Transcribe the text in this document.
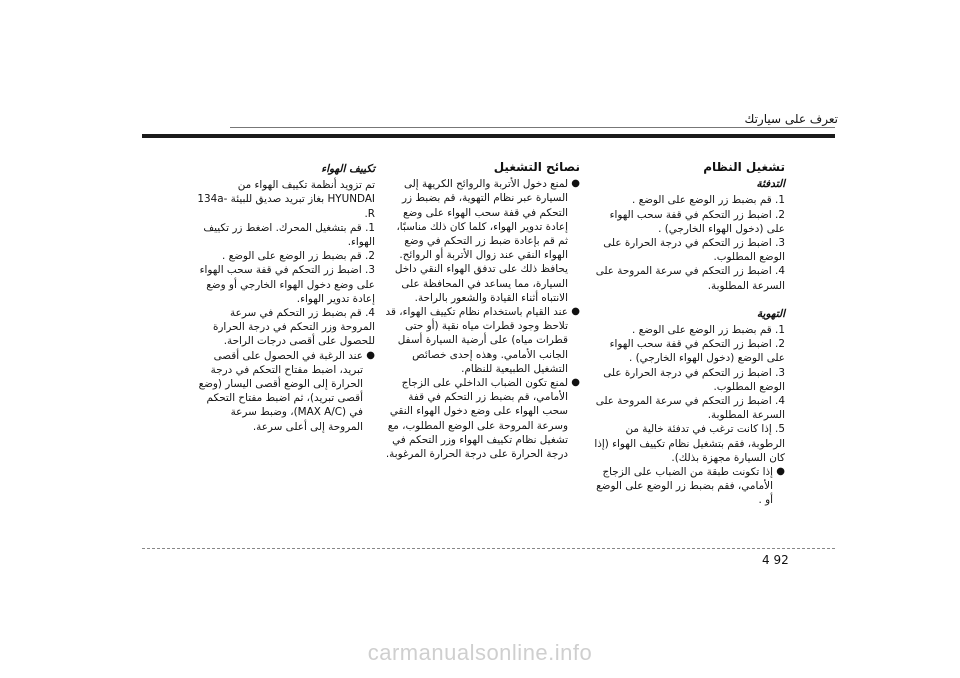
تعرف على سيارتك
تشغيل النظام
التدفئة

1. قم بضبط زر الوضع على الوضع .

2. اضبط زر التحكم في قفة سحب الهواء على (دخول الهواء الخارجي) .

3. اضبط زر التحكم في درجة الحرارة على الوضع المطلوب.

4. اضبط زر التحكم في سرعة المروحة على السرعة المطلوبة.

التهوية

1. قم بضبط زر الوضع على الوضع .

2. اضبط زر التحكم في قفة سحب الهواء على الوضع (دخول الهواء الخارجي) .

3. اضبط زر التحكم في درجة الحرارة على الوضع المطلوب.

4. اضبط زر التحكم في سرعة المروحة على السرعة المطلوبة.

5. إذا كانت ترغب في تدفئة خالية من الرطوبة، فقم بتشغيل نظام تكييف الهواء (إذا كان السيارة مجهزة بذلك).

●
إذا تكونت طبقة من الضباب على الزجاج الأمامي، فقم بضبط زر الوضع على الوضع أو .

نصائح التشغيل

●
لمنع دخول الأتربة والروائح الكريهة إلى السيارة عبر نظام التهوية، قم بضبط زر التحكم في قفة سحب الهواء على وضع إعادة تدوير الهواء، كلما كان ذلك مناسبًا، ثم قم بإعادة ضبط زر التحكم في وضع الهواء النقي عند زوال الأتربة أو الروائح. يحافظ ذلك على تدفق الهواء النقي داخل السيارة، مما يساعد في المحافظة على الانتباه أثناء القيادة والشعور بالراحة.

●
عند القيام باستخدام نظام تكييف الهواء، قد تلاحظ وجود قطرات مياه نقية (أو حتى قطرات مياه) على أرضية السيارة أسفل الجانب الأمامي. وهذه إحدى خصائص التشغيل الطبيعية للنظام.

●
لمنع تكون الضباب الداخلي على الزجاج الأمامي، قم بضبط زر التحكم في قفة سحب الهواء على وضع دخول الهواء النقي وسرعة المروحة على الوضع المطلوب، مع تشغيل نظام تكييف الهواء وزر التحكم في درجة الحرارة على درجة الحرارة المرغوبة.

تكييف الهواء

تم تزويد أنظمة تكييف الهواء من HYUNDAI بغاز تبريد صديق للبيئة 134a-R.

1. قم بتشغيل المحرك. اضغط زر تكييف الهواء.

2. قم بضبط زر الوضع على الوضع .

3. اضبط زر التحكم في قفة سحب الهواء على وضع دخول الهواء الخارجي أو وضع إعادة تدوير الهواء.

4. قم بضبط زر التحكم في سرعة المروحة وزر التحكم في درجة الحرارة للحصول على أقصى درجات الراحة.

●
عند الرغبة في الحصول على أقصى تبريد، اضبط مفتاح التحكم في درجة الحرارة إلى الوضع أقصى اليسار (وضع أقصى تبريد)، ثم اضبط مفتاح التحكم في (MAX A/C)، وضبط سرعة المروحة إلى أعلى سرعة.

4 92
carmanualsonline.info
